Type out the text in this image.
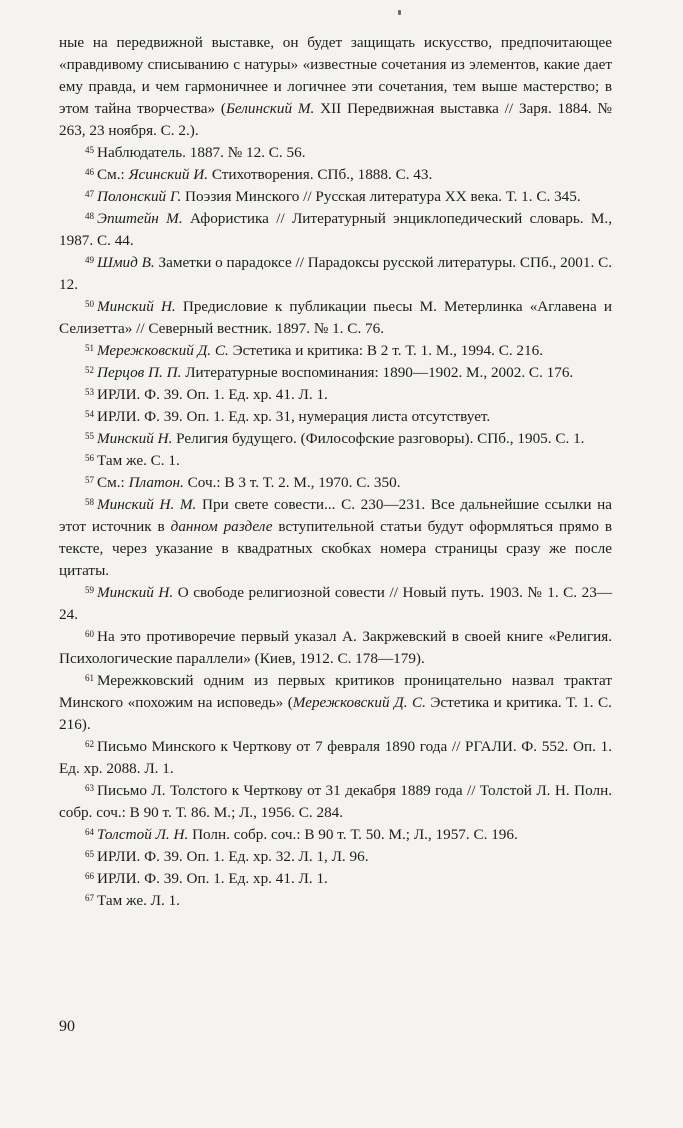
ные на передвижной выставке, он будет защищать искусство, предпочитающее «правдивому списыванию с натуры» «известные сочетания из элементов, какие дает ему правда, и чем гармоничнее и логичнее эти сочетания, тем выше мастерство; в этом тайна творчества» (Белинский М. XII Передвижная выставка // Заря. 1884. № 263, 23 ноября. С. 2.).

$^{45}$ Наблюдатель. 1887. № 12. С. 56.

$^{46}$ См.: Ясинский И. Стихотворения. СПб., 1888. С. 43.

$^{47}$ Полонский Г. Поэзия Минского // Русская литература XX века. Т. 1. С. 345.

$^{48}$ Эпштейн М. Афористика // Литературный энциклопедический словарь. М., 1987. С. 44.

$^{49}$ Шмид В. Заметки о парадоксе // Парадоксы русской литературы. СПб., 2001. С. 12.

$^{50}$ Минский Н. Предисловие к публикации пьесы М. Метерлинка «Аглавена и Селизетта» // Северный вестник. 1897. № 1. С. 76.

$^{51}$ Мережковский Д. С. Эстетика и критика: В 2 т. Т. 1. М., 1994. С. 216.

$^{52}$ Перцов П. П. Литературные воспоминания: 1890—1902. М., 2002. С. 176.

$^{53}$ ИРЛИ. Ф. 39. Оп. 1. Ед. хр. 41. Л. 1.

$^{54}$ ИРЛИ. Ф. 39. Оп. 1. Ед. хр. 31, нумерация листа отсутствует.

$^{55}$ Минский Н. Религия будущего. (Философские разговоры). СПб., 1905. С. 1.

$^{56}$ Там же. С. 1.

$^{57}$ См.: Платон. Соч.: В 3 т. Т. 2. М., 1970. С. 350.

$^{58}$ Минский Н. М. При свете совести... С. 230—231. Все дальнейшие ссылки на этот источник в данном разделе вступительной статьи будут оформляться прямо в тексте, через указание в квадратных скобках номера страницы сразу же после цитаты.

$^{59}$ Минский Н. О свободе религиозной совести // Новый путь. 1903. № 1. С. 23—24.

$^{60}$ На это противоречие первый указал А. Закржевский в своей книге «Религия. Психологические параллели» (Киев, 1912. С. 178—179).

$^{61}$ Мережковский одним из первых критиков проницательно назвал трактат Минского «похожим на исповедь» (Мережковский Д. С. Эстетика и критика. Т. 1. С. 216).

$^{62}$ Письмо Минского к Черткову от 7 февраля 1890 года // РГАЛИ. Ф. 552. Оп. 1. Ед. хр. 2088. Л. 1.

$^{63}$ Письмо Л. Толстого к Черткову от 31 декабря 1889 года // Толстой Л. Н. Полн. собр. соч.: В 90 т. Т. 86. М.; Л., 1956. С. 284.

$^{64}$ Толстой Л. Н. Полн. собр. соч.: В 90 т. Т. 50. М.; Л., 1957. С. 196.

$^{65}$ ИРЛИ. Ф. 39. Оп. 1. Ед. хр. 32. Л. 1, Л. 96.

$^{66}$ ИРЛИ. Ф. 39. Оп. 1. Ед. хр. 41. Л. 1.

$^{67}$ Там же. Л. 1.

90
